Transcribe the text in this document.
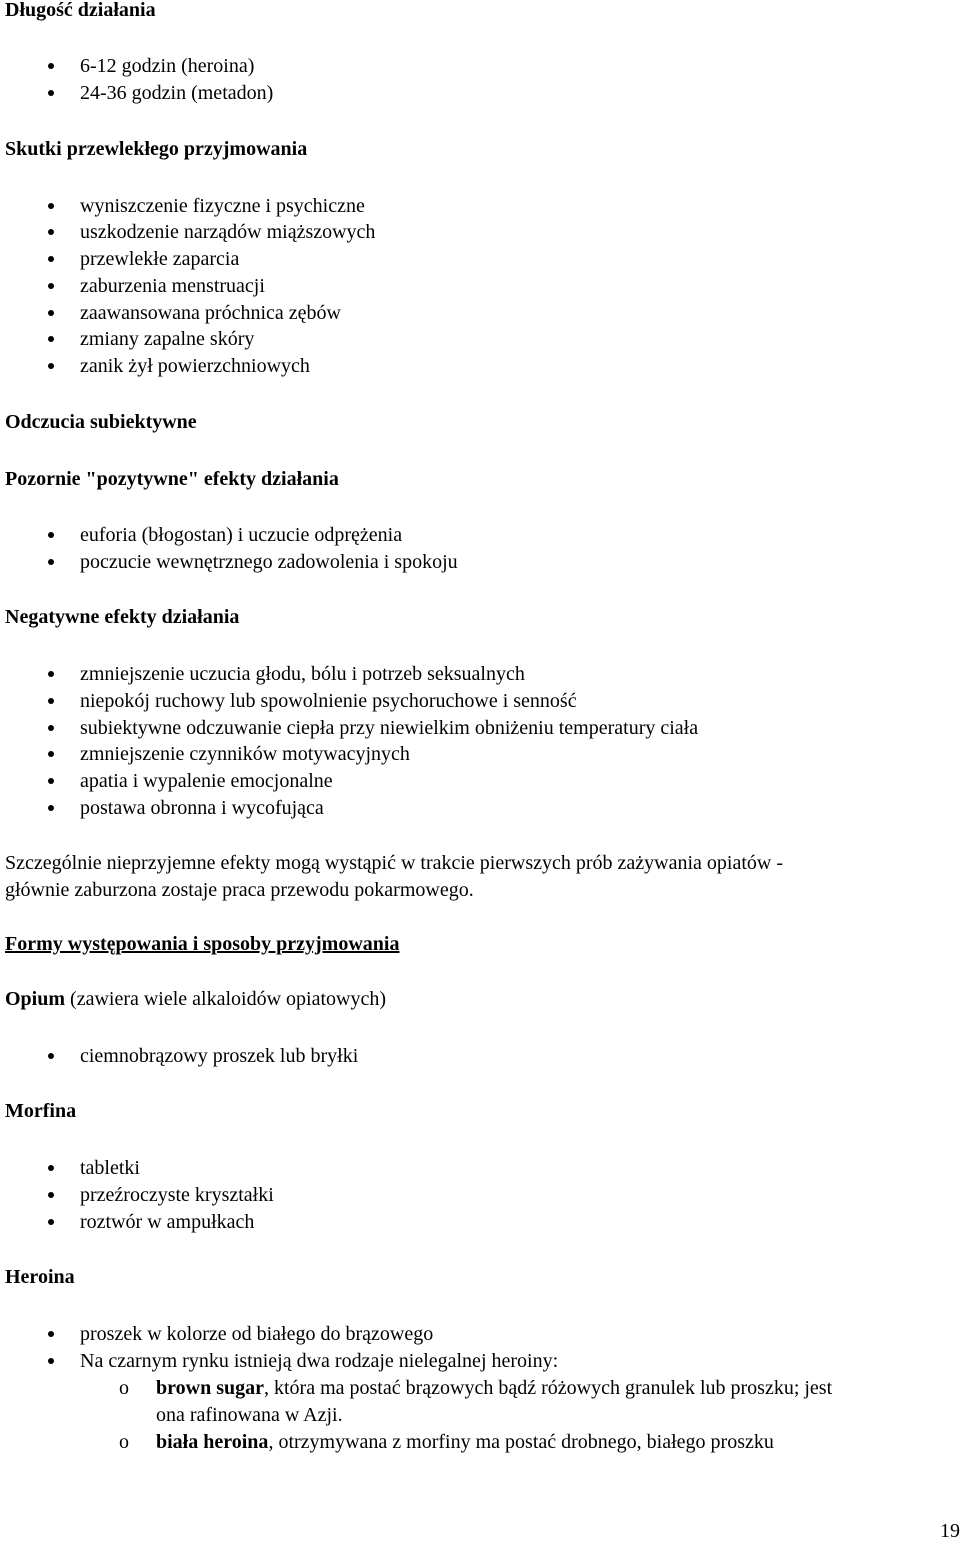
Długość działania
6-12 godzin (heroina)
24-36 godzin (metadon)
Skutki przewlekłego przyjmowania
wyniszczenie fizyczne i psychiczne
uszkodzenie narządów miąższowych
przewlekłe zaparcia
zaburzenia menstruacji
zaawansowana próchnica zębów
zmiany zapalne skóry
zanik żył powierzchniowych
Odczucia subiektywne
Pozornie "pozytywne" efekty działania
euforia (błogostan) i uczucie odprężenia
poczucie wewnętrznego zadowolenia i spokoju
Negatywne efekty działania
zmniejszenie uczucia głodu, bólu i potrzeb seksualnych
niepokój ruchowy lub spowolnienie psychoruchowe i senność
subiektywne odczuwanie ciepła przy niewielkim obniżeniu temperatury ciała
zmniejszenie czynników motywacyjnych
apatia i wypalenie emocjonalne
postawa obronna i wycofująca
Szczególnie nieprzyjemne efekty mogą wystąpić w trakcie pierwszych prób zażywania opiatów -
głównie zaburzona zostaje praca przewodu pokarmowego.
Formy występowania i sposoby przyjmowania
Opium (zawiera wiele alkaloidów opiatowych)
ciemnobrązowy proszek lub bryłki
Morfina
tabletki
przeźroczyste kryształki
roztwór w ampułkach
Heroina
proszek w kolorze od białego do brązowego
Na czarnym rynku istnieją dwa rodzaje nielegalnej heroiny:
o brown sugar, która ma postać brązowych bądź różowych granulek lub proszku; jest
ona rafinowana w Azji.
o biała heroina, otrzymywana z morfiny ma postać drobnego, białego proszku
19
